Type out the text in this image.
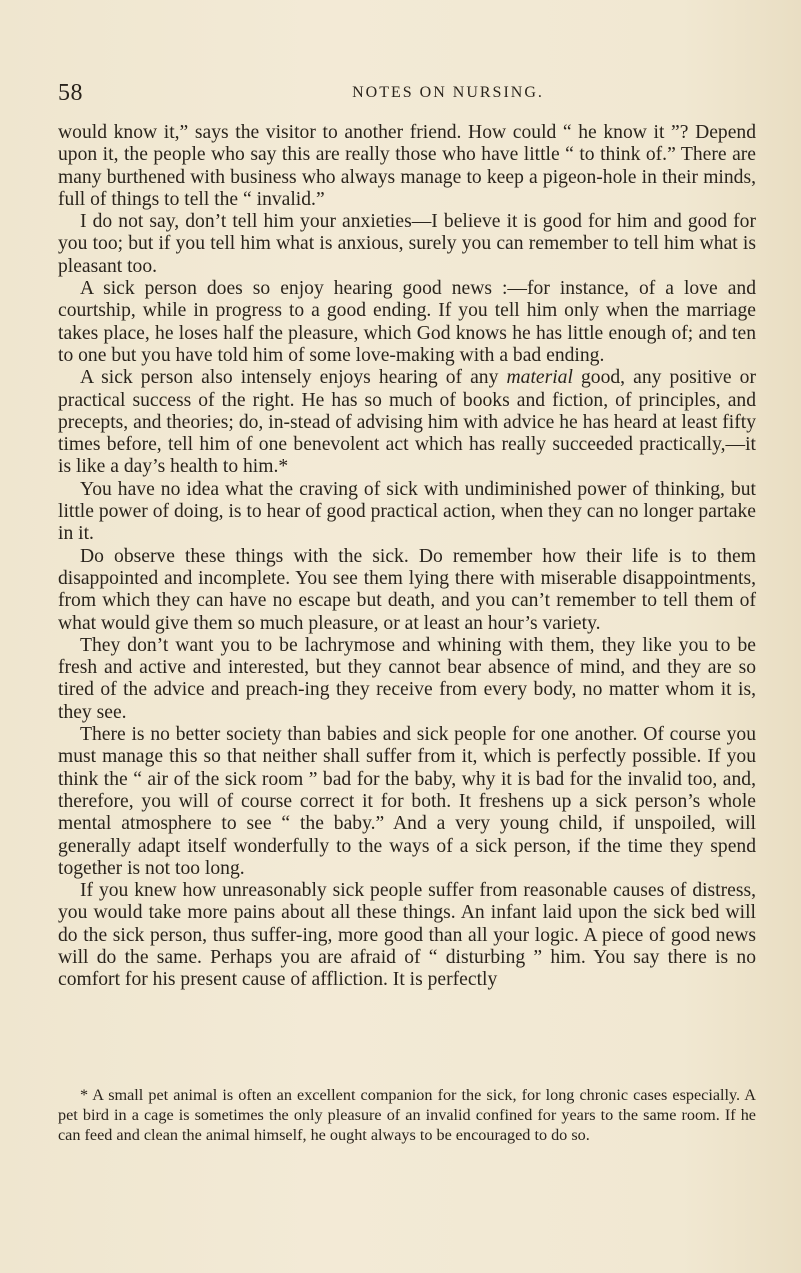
58	NOTES ON NURSING.

would know it,” says the visitor to another friend. How could “ he know it ”? Depend upon it, the people who say this are really those who have little “ to think of.” There are many burthened with business who always manage to keep a pigeon-hole in their minds, full of things to tell the “ invalid.”

I do not say, don’t tell him your anxieties—I believe it is good for him and good for you too; but if you tell him what is anxious, surely you can remember to tell him what is pleasant too.

A sick person does so enjoy hearing good news :—for instance, of a love and courtship, while in progress to a good ending. If you tell him only when the marriage takes place, he loses half the pleasure, which God knows he has little enough of; and ten to one but you have told him of some love-making with a bad ending.

A sick person also intensely enjoys hearing of any material good, any positive or practical success of the right. He has so much of books and fiction, of principles, and precepts, and theories; do, in-stead of advising him with advice he has heard at least fifty times before, tell him of one benevolent act which has really succeeded practically,—it is like a day’s health to him.*

You have no idea what the craving of sick with undiminished power of thinking, but little power of doing, is to hear of good practical action, when they can no longer partake in it.

Do observe these things with the sick. Do remember how their life is to them disappointed and incomplete. You see them lying there with miserable disappointments, from which they can have no escape but death, and you can’t remember to tell them of what would give them so much pleasure, or at least an hour’s variety.

They don’t want you to be lachrymose and whining with them, they like you to be fresh and active and interested, but they cannot bear absence of mind, and they are so tired of the advice and preach-ing they receive from every body, no matter whom it is, they see.

There is no better society than babies and sick people for one another. Of course you must manage this so that neither shall suffer from it, which is perfectly possible. If you think the “ air of the sick room ” bad for the baby, why it is bad for the invalid too, and, therefore, you will of course correct it for both. It freshens up a sick person’s whole mental atmosphere to see “ the baby.” And a very young child, if unspoiled, will generally adapt itself wonderfully to the ways of a sick person, if the time they spend together is not too long.

If you knew how unreasonably sick people suffer from reasonable causes of distress, you would take more pains about all these things. An infant laid upon the sick bed will do the sick person, thus suffer-ing, more good than all your logic. A piece of good news will do the same. Perhaps you are afraid of “ disturbing ” him. You say there is no comfort for his present cause of affliction. It is perfectly

* A small pet animal is often an excellent companion for the sick, for long chronic cases especially. A pet bird in a cage is sometimes the only pleasure of an invalid confined for years to the same room. If he can feed and clean the animal himself, he ought always to be encouraged to do so.
